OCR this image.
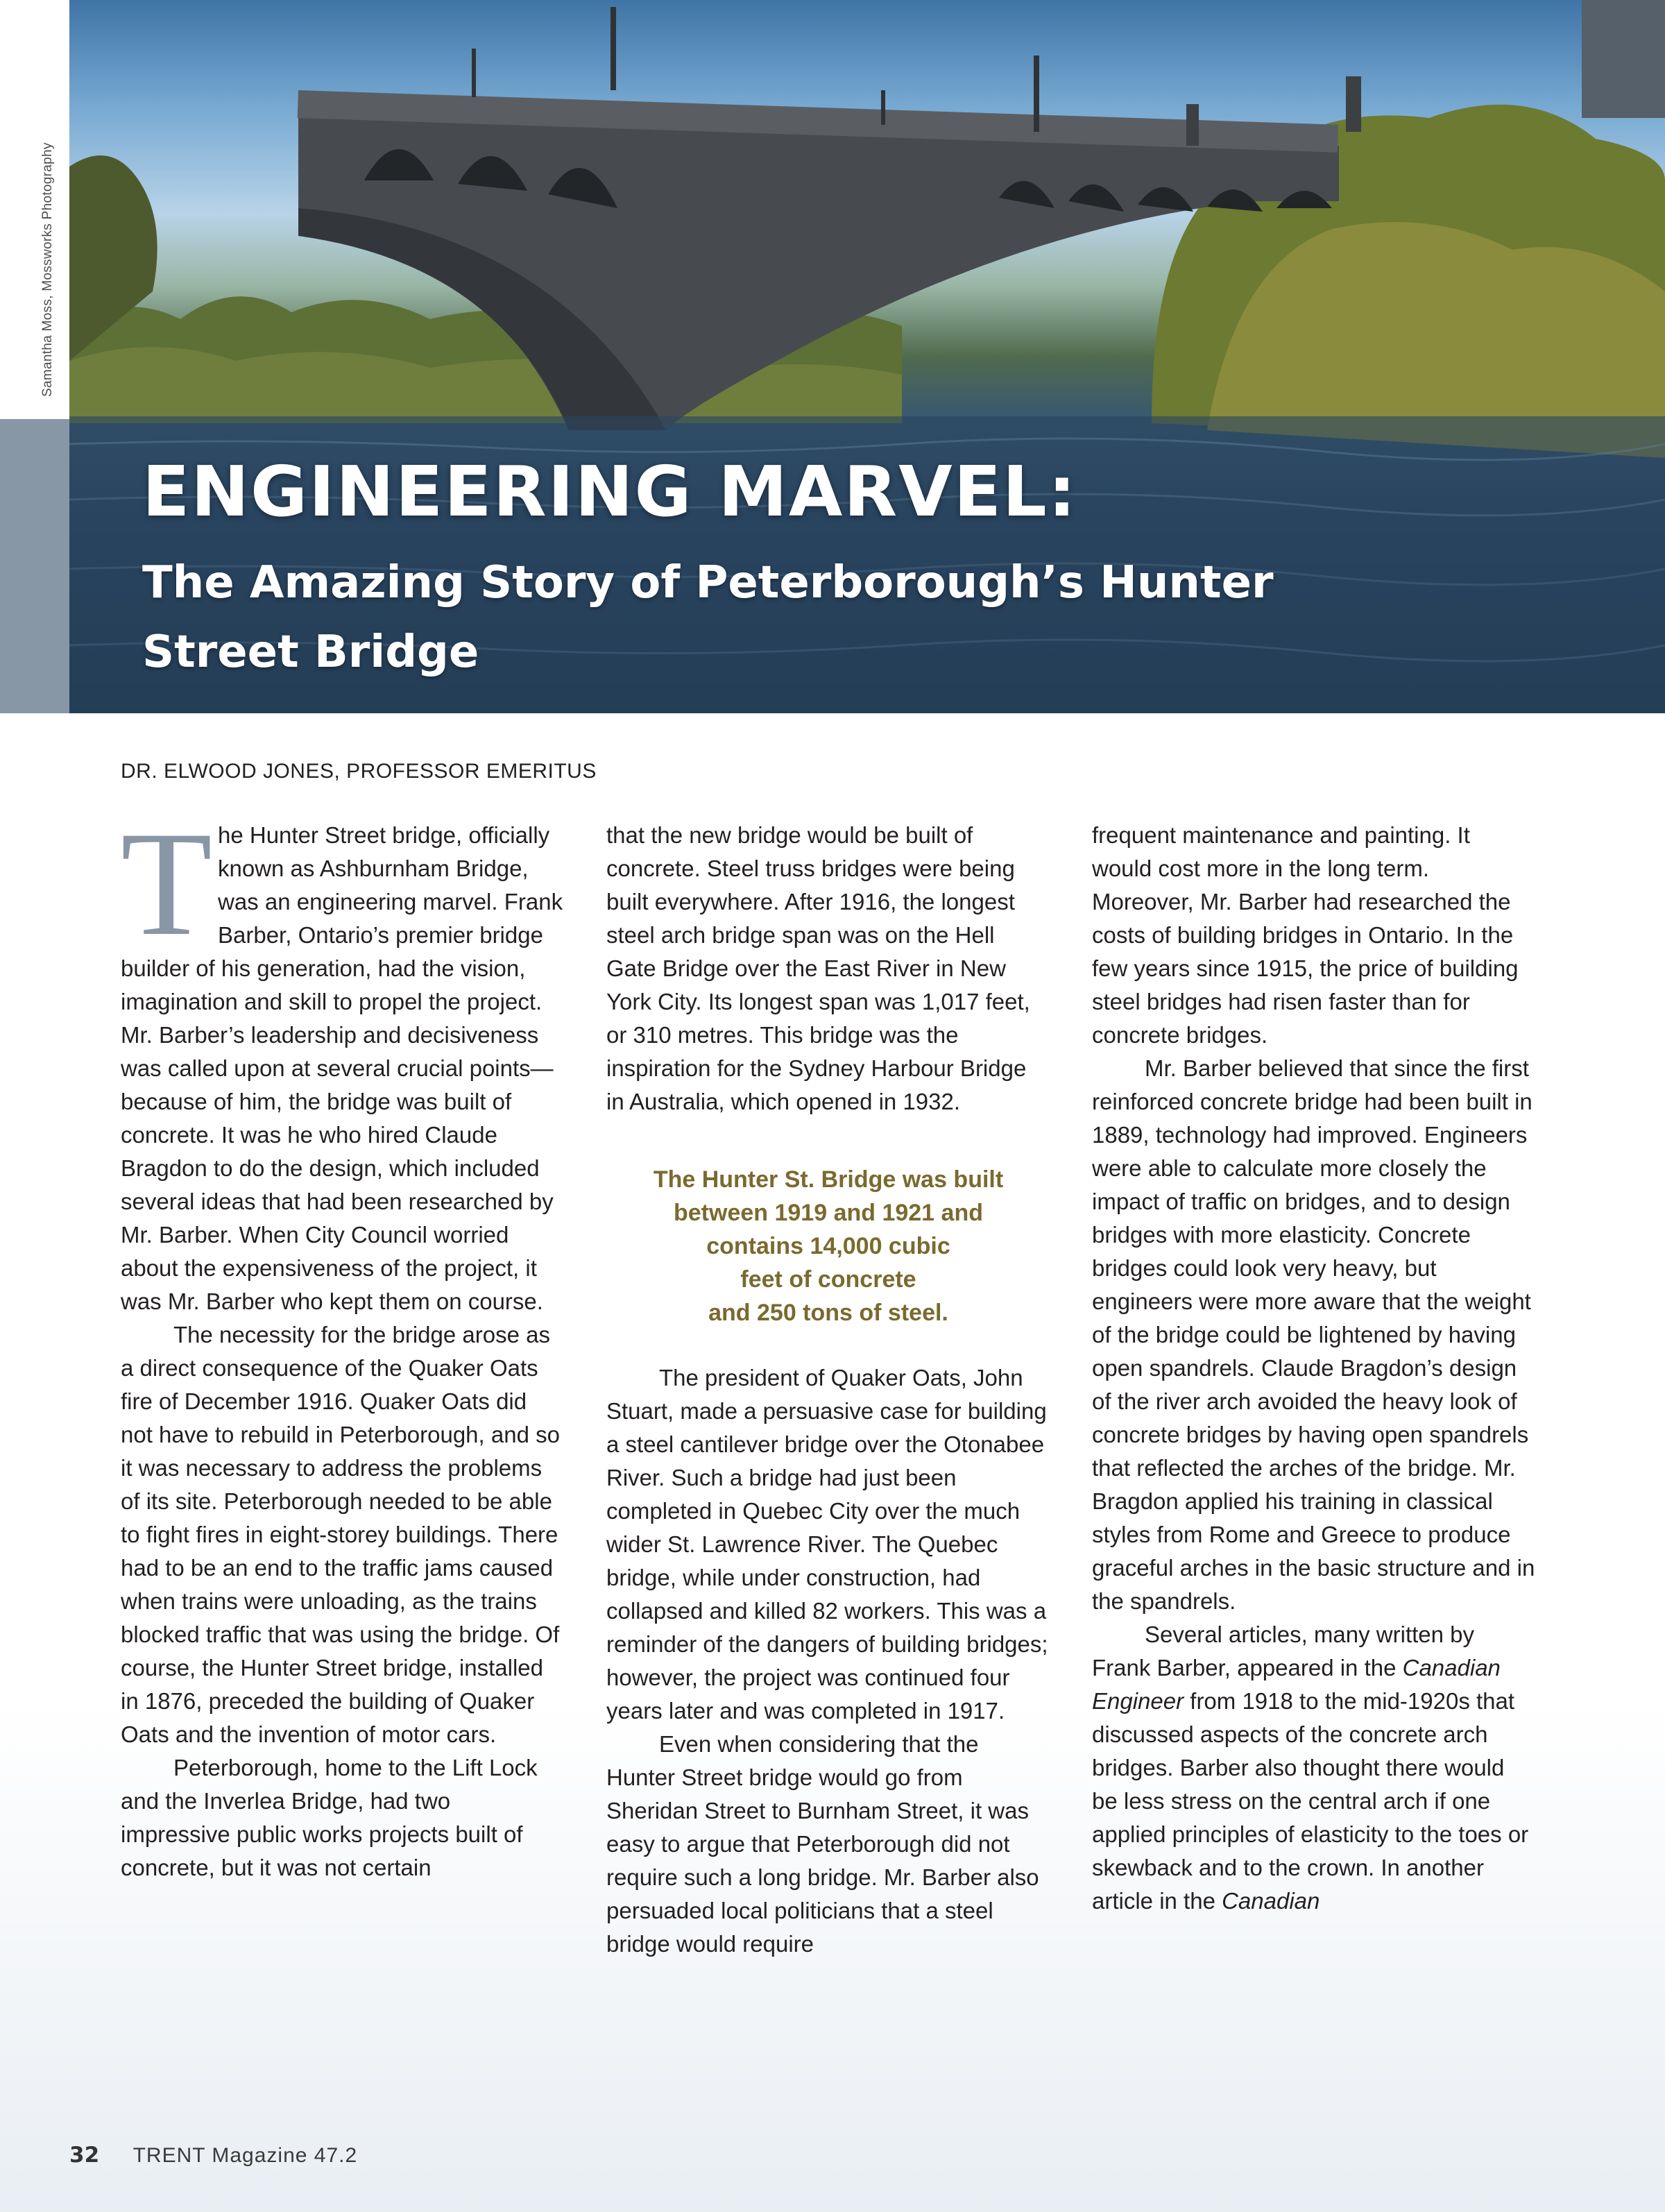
Samantha Moss, Mossworks Photography
ENGINEERING MARVEL:
The Amazing Story of Peterborough’s Hunter Street Bridge
DR. ELWOOD JONES, PROFESSOR EMERITUS
T he Hunter Street bridge, officially known as Ashburnham Bridge, was an engineering marvel. Frank Barber, Ontario’s premier bridge builder of his generation, had the vision, imagination and skill to propel the project. Mr. Barber’s leadership and decisiveness was called upon at several crucial points—because of him, the bridge was built of concrete. It was he who hired Claude Bragdon to do the design, which included several ideas that had been researched by Mr. Barber. When City Council worried about the expensiveness of the project, it was Mr. Barber who kept them on course.

The necessity for the bridge arose as a direct consequence of the Quaker Oats fire of December 1916. Quaker Oats did not have to rebuild in Peterborough, and so it was necessary to address the problems of its site. Peterborough needed to be able to fight fires in eight-storey buildings. There had to be an end to the traffic jams caused when trains were unloading, as the trains blocked traffic that was using the bridge. Of course, the Hunter Street bridge, installed in 1876, preceded the building of Quaker Oats and the invention of motor cars.

Peterborough, home to the Lift Lock and the Inverlea Bridge, had two impressive public works projects built of concrete, but it was not certain

that the new bridge would be built of concrete. Steel truss bridges were being built everywhere. After 1916, the longest steel arch bridge span was on the Hell Gate Bridge over the East River in New York City. Its longest span was 1,017 feet, or 310 metres. This bridge was the inspiration for the Sydney Harbour Bridge in Australia, which opened in 1932.

The Hunter St. Bridge was built
between 1919 and 1921 and
contains 14,000 cubic
feet of concrete
and 250 tons of steel.

The president of Quaker Oats, John Stuart, made a persuasive case for building a steel cantilever bridge over the Otonabee River. Such a bridge had just been completed in Quebec City over the much wider St. Lawrence River. The Quebec bridge, while under construction, had collapsed and killed 82 workers. This was a reminder of the dangers of building bridges; however, the project was continued four years later and was completed in 1917.

Even when considering that the Hunter Street bridge would go from Sheridan Street to Burnham Street, it was easy to argue that Peterborough did not require such a long bridge. Mr. Barber also persuaded local politicians that a steel bridge would require

frequent maintenance and painting. It would cost more in the long term. Moreover, Mr. Barber had researched the costs of building bridges in Ontario. In the few years since 1915, the price of building steel bridges had risen faster than for concrete bridges.

Mr. Barber believed that since the first reinforced concrete bridge had been built in 1889, technology had improved. Engineers were able to calculate more closely the impact of traffic on bridges, and to design bridges with more elasticity. Concrete bridges could look very heavy, but engineers were more aware that the weight of the bridge could be lightened by having open spandrels. Claude Bragdon’s design of the river arch avoided the heavy look of concrete bridges by having open spandrels that reflected the arches of the bridge. Mr. Bragdon applied his training in classical styles from Rome and Greece to produce graceful arches in the basic structure and in the spandrels.

Several articles, many written by Frank Barber, appeared in the Canadian Engineer from 1918 to the mid-1920s that discussed aspects of the concrete arch bridges. Barber also thought there would be less stress on the central arch if one applied principles of elasticity to the toes or skewback and to the crown. In another article in the Canadian

32 TRENT Magazine 47.2
